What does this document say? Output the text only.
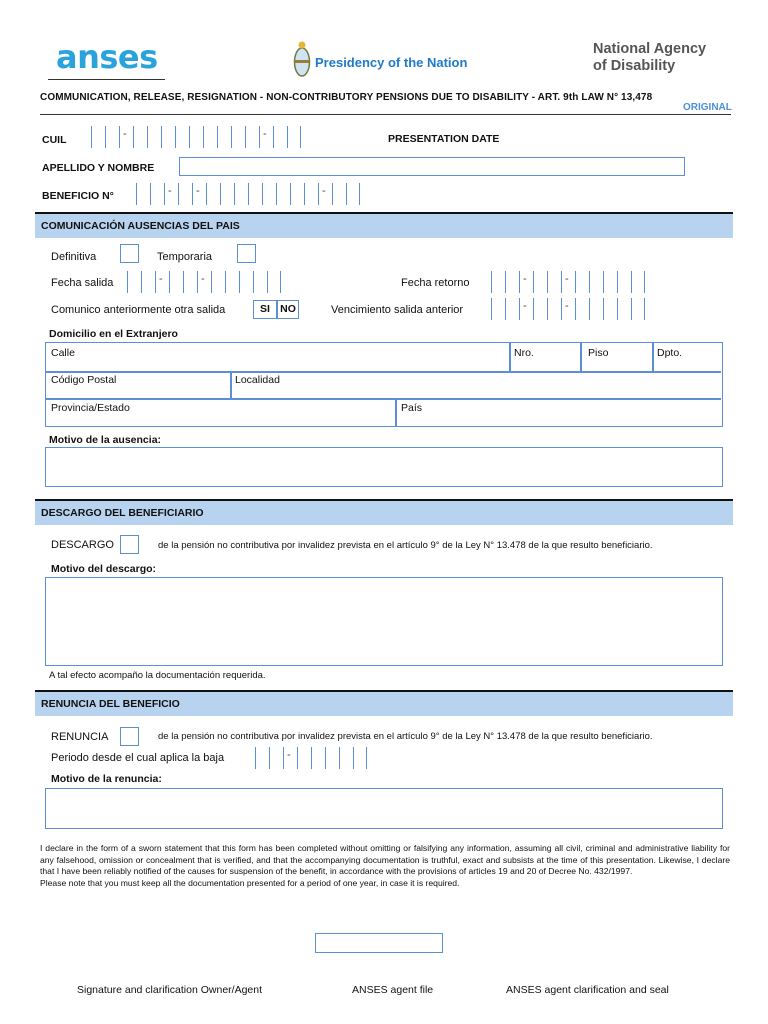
anses	Presidency of the Nation
National Agency
of Disability
COMMUNICATION, RELEASE, RESIGNATION - NON-CONTRIBUTORY PENSIONS DUE TO DISABILITY - ART. 9th LAW N° 13,478
ORIGINAL
CUIL - -	PRESENTATION DATE
APELLIDO Y NOMBRE
BENEFICIO N°
-
-
-
COMUNICACIÓN AUSENCIAS DEL PAIS
Definitiva	Temporaria
Fecha salida - -	Fecha retorno
-
-
Comunico anteriormente otra salida	SI NO	Vencimiento salida anterior
-
-
Domicilio en el Extranjero
Calle	Nro.	Piso	Dpto.
Código Postal	Localidad
Provincia/Estado	País
Motivo de la ausencia:
DESCARGO DEL BENEFICIARIO
DESCARGO	de la pensión no contributiva por invalidez prevista en el artículo 9° de la Ley N° 13.478 de la que resulto beneficiario.
Motivo del descargo:
A tal efecto acompaño la documentación requerida.
RENUNCIA DEL BENEFICIO
RENUNCIA	de la pensión no contributiva por invalidez prevista en el artículo 9° de la Ley N° 13.478 de la que resulto beneficiario.
Periodo desde el cual aplica la baja
-
Motivo de la renuncia:
I declare in the form of a sworn statement that this form has been completed without omitting or falsifying any information, assuming all civil, criminal and administrative liability for any falsehood, omission or concealment that is verified, and that the accompanying documentation is truthful, exact and subsists at the time of this presentation. Likewise, I declare that I have been reliably notified of the causes for suspension of the benefit, in accordance with the provisions of articles 19 and 20 of Decree No. 432/1997.
Please note that you must keep all the documentation presented for a period of one year, in case it is required.
Signature and clarification Owner/Agent	ANSES agent file	ANSES agent clarification and seal
